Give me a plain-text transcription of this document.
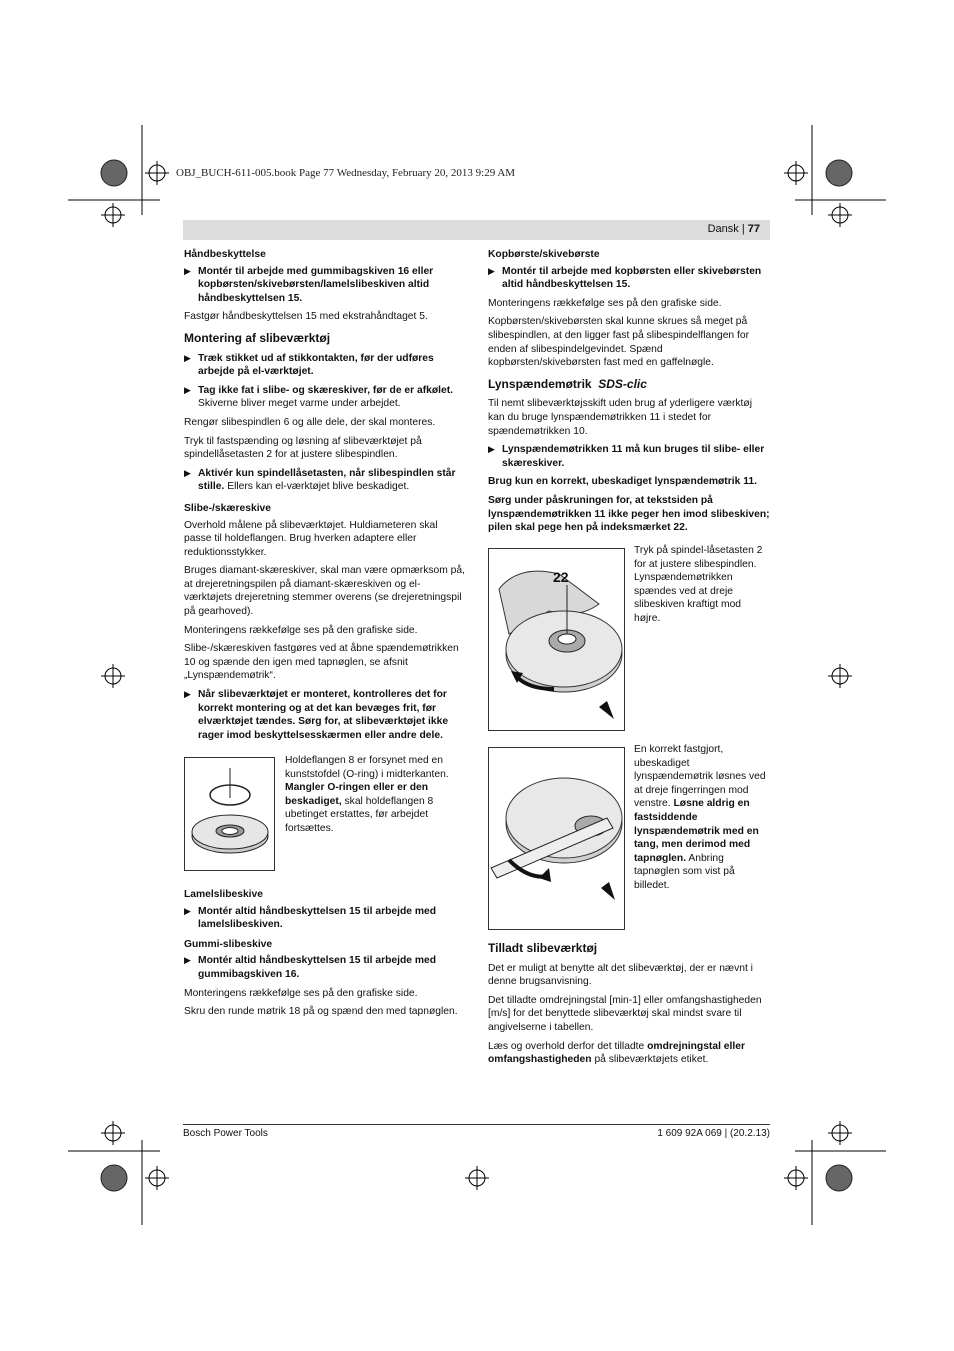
OBJ_BUCH-611-005.book Page 77 Wednesday, February 20, 2013 9:29 AM
Dansk | 77
Håndbeskyttelse
▶ Montér til arbejde med gummibagskiven 16 eller kopbørsten/skivebørsten/lamelslibeskiven altid håndbeskyttelsen 15.

Fastgør håndbeskyttelsen 15 med ekstrahåndtaget 5.

Montering af slibeværktøj
▶ Træk stikket ud af stikkontakten, før der udføres arbejde på el-værktøjet.
▶ Tag ikke fat i slibe- og skæreskiver, før de er afkølet. Skiverne bliver meget varme under arbejdet.

Rengør slibespindlen 6 og alle dele, der skal monteres.

Tryk til fastspænding og løsning af slibeværktøjet på spindellåsetasten 2 for at justere slibespindlen.

▶ Aktivér kun spindellåsetasten, når slibespindlen står stille. Ellers kan el-værktøjet blive beskadiget.
Slibe-/skæreskive

Overhold målene på slibeværktøjet. Huldiameteren skal passe til holdeflangen. Brug hverken adaptere eller reduktionsstykker.

Bruges diamant-skæreskiver, skal man være opmærksom på, at drejeretningspilen på diamant-skæreskiven og el-værktøjets drejeretning stemmer overens (se drejeretningspil på gearhoved).

Monteringens rækkefølge ses på den grafiske side.

Slibe-/skæreskiven fastgøres ved at åbne spændemøtrikken 10 og spænde den igen med tapnøglen, se afsnit „Lynspændemøtrik“.

▶ Når slibeværktøjet er monteret, kontrolleres det for korrekt montering og at det kan bevæges frit, før elværktøjet tændes. Sørg for, at slibeværktøjet ikke rager imod beskyttelsesskærmen eller andre dele.
Holdeflangen 8 er forsynet med en kunststofdel (O-ring) i midterkanten. Mangler O-ringen eller er den beskadiget, skal holdeflangen 8 ubetinget erstattes, før arbejdet fortsættes.
Lamelslibeskive
▶ Montér altid håndbeskyttelsen 15 til arbejde med lamelslibeskiven.
Gummi-slibeskive
▶ Montér altid håndbeskyttelsen 15 til arbejde med gummibagskiven 16.

Monteringens rækkefølge ses på den grafiske side.

Skru den runde møtrik 18 på og spænd den med tapnøglen.

Kopbørste/skivebørste
▶ Montér til arbejde med kopbørsten eller skivebørsten altid håndbeskyttelsen 15.

Monteringens rækkefølge ses på den grafiske side.

Kopbørsten/skivebørsten skal kunne skrues så meget på slibespindlen, at den ligger fast på slibespindelflangen for enden af slibespindelgevindet. Spænd kopbørsten/skivebørsten fast med en gaffelnøgle.

Lynspændemøtrik SDS-clic

Til nemt slibeværktøjsskift uden brug af yderligere værktøj kan du bruge lynspændemøtrikken 11 i stedet for spændemøtrikken 10.

▶ Lynspændemøtrikken 11 må kun bruges til slibe- eller skæreskiver.

Brug kun en korrekt, ubeskadiget lynspændemøtrik 11.

Sørg under påskruningen for, at tekstsiden på lynspændemøtrikken 11 ikke peger hen imod slibeskiven; pilen skal pege hen på indeksmærket 22.

22
Tryk på spindel-låsetasten 2 for at justere slibespindlen. Lynspændemøtrikken spændes ved at dreje slibeskiven kraftigt mod højre.
En korrekt fastgjort, ubeskadiget lynspændemøtrik løsnes ved at dreje fingerringen mod venstre. Løsne aldrig en fastsiddende lynspændemøtrik med en tang, men derimod med tapnøglen. Anbring tapnøglen som vist på billedet.
Tilladt slibeværktøj

Det er muligt at benytte alt det slibeværktøj, der er nævnt i denne brugsanvisning.

Det tilladte omdrejningstal [min-1] eller omfangshastigheden [m/s] for det benyttede slibeværktøj skal mindst svare til angivelserne i tabellen.

Læs og overhold derfor det tilladte omdrejningstal eller omfangshastigheden på slibeværktøjets etiket.

Bosch Power Tools	1 609 92A 069 | (20.2.13)
